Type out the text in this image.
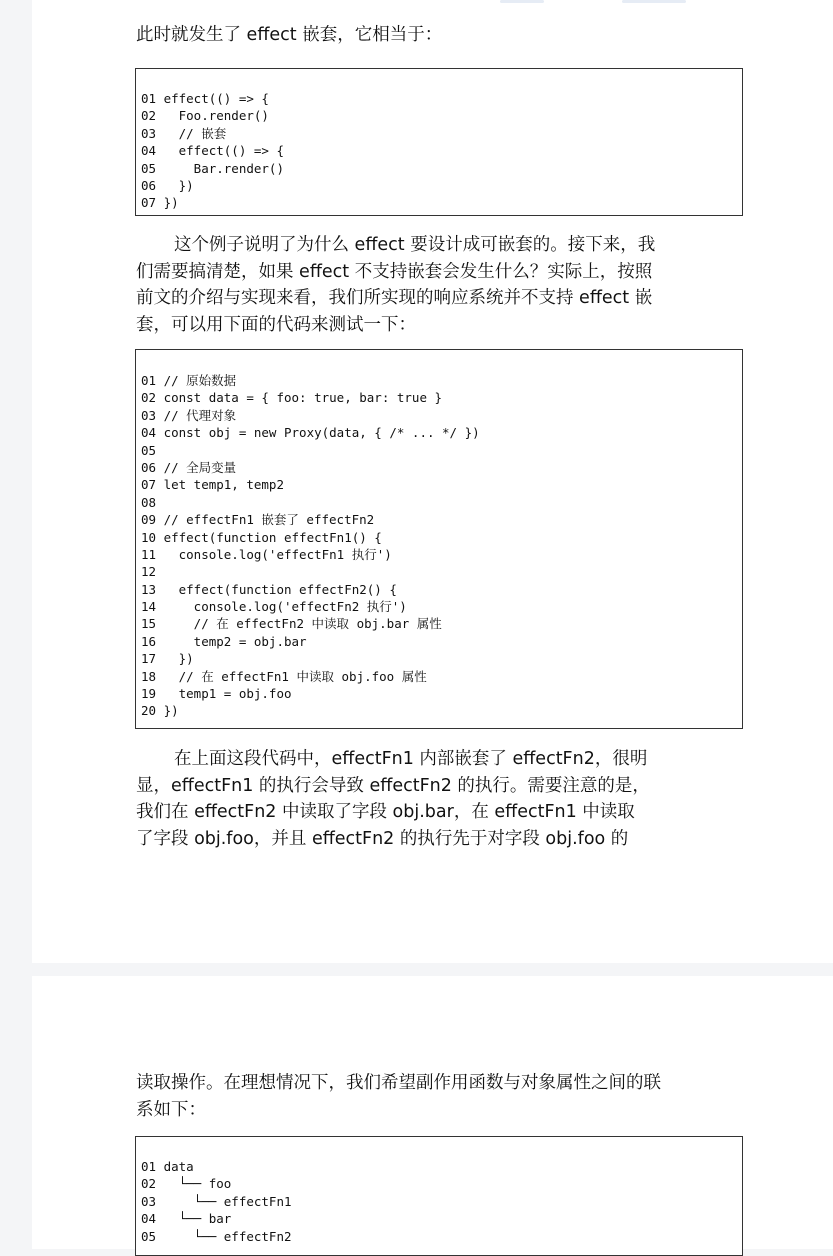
此时就发生了 effect 嵌套，它相当于：

01 effect(() => {
02   Foo.render()
03   // 嵌套
04   effect(() => {
05     Bar.render()
06   })
07 })
这个例子说明了为什么 effect 要设计成可嵌套的。接下来，我
们需要搞清楚，如果 effect 不支持嵌套会发生什么？实际上，按照
前文的介绍与实现来看，我们所实现的响应系统并不支持 effect 嵌
套，可以用下面的代码来测试一下：
01 // 原始数据
02 const data = { foo: true, bar: true }
03 // 代理对象
04 const obj = new Proxy(data, { /* ... */ })
05
06 // 全局变量
07 let temp1, temp2
08
09 // effectFn1 嵌套了 effectFn2
10 effect(function effectFn1() {
11   console.log('effectFn1 执行')
12
13   effect(function effectFn2() {
14     console.log('effectFn2 执行')
15     // 在 effectFn2 中读取 obj.bar 属性
16     temp2 = obj.bar
17   })
18   // 在 effectFn1 中读取 obj.foo 属性
19   temp1 = obj.foo
20 })
在上面这段代码中，effectFn1 内部嵌套了 effectFn2，很明
显，effectFn1 的执行会导致 effectFn2 的执行。需要注意的是，
我们在 effectFn2 中读取了字段 obj.bar，在 effectFn1 中读取
了字段 obj.foo，并且 effectFn2 的执行先于对字段 obj.foo 的
读取操作。在理想情况下，我们希望副作用函数与对象属性之间的联
系如下：
01 data
02   └── foo
03     └── effectFn1
04   └── bar
05     └── effectFn2
